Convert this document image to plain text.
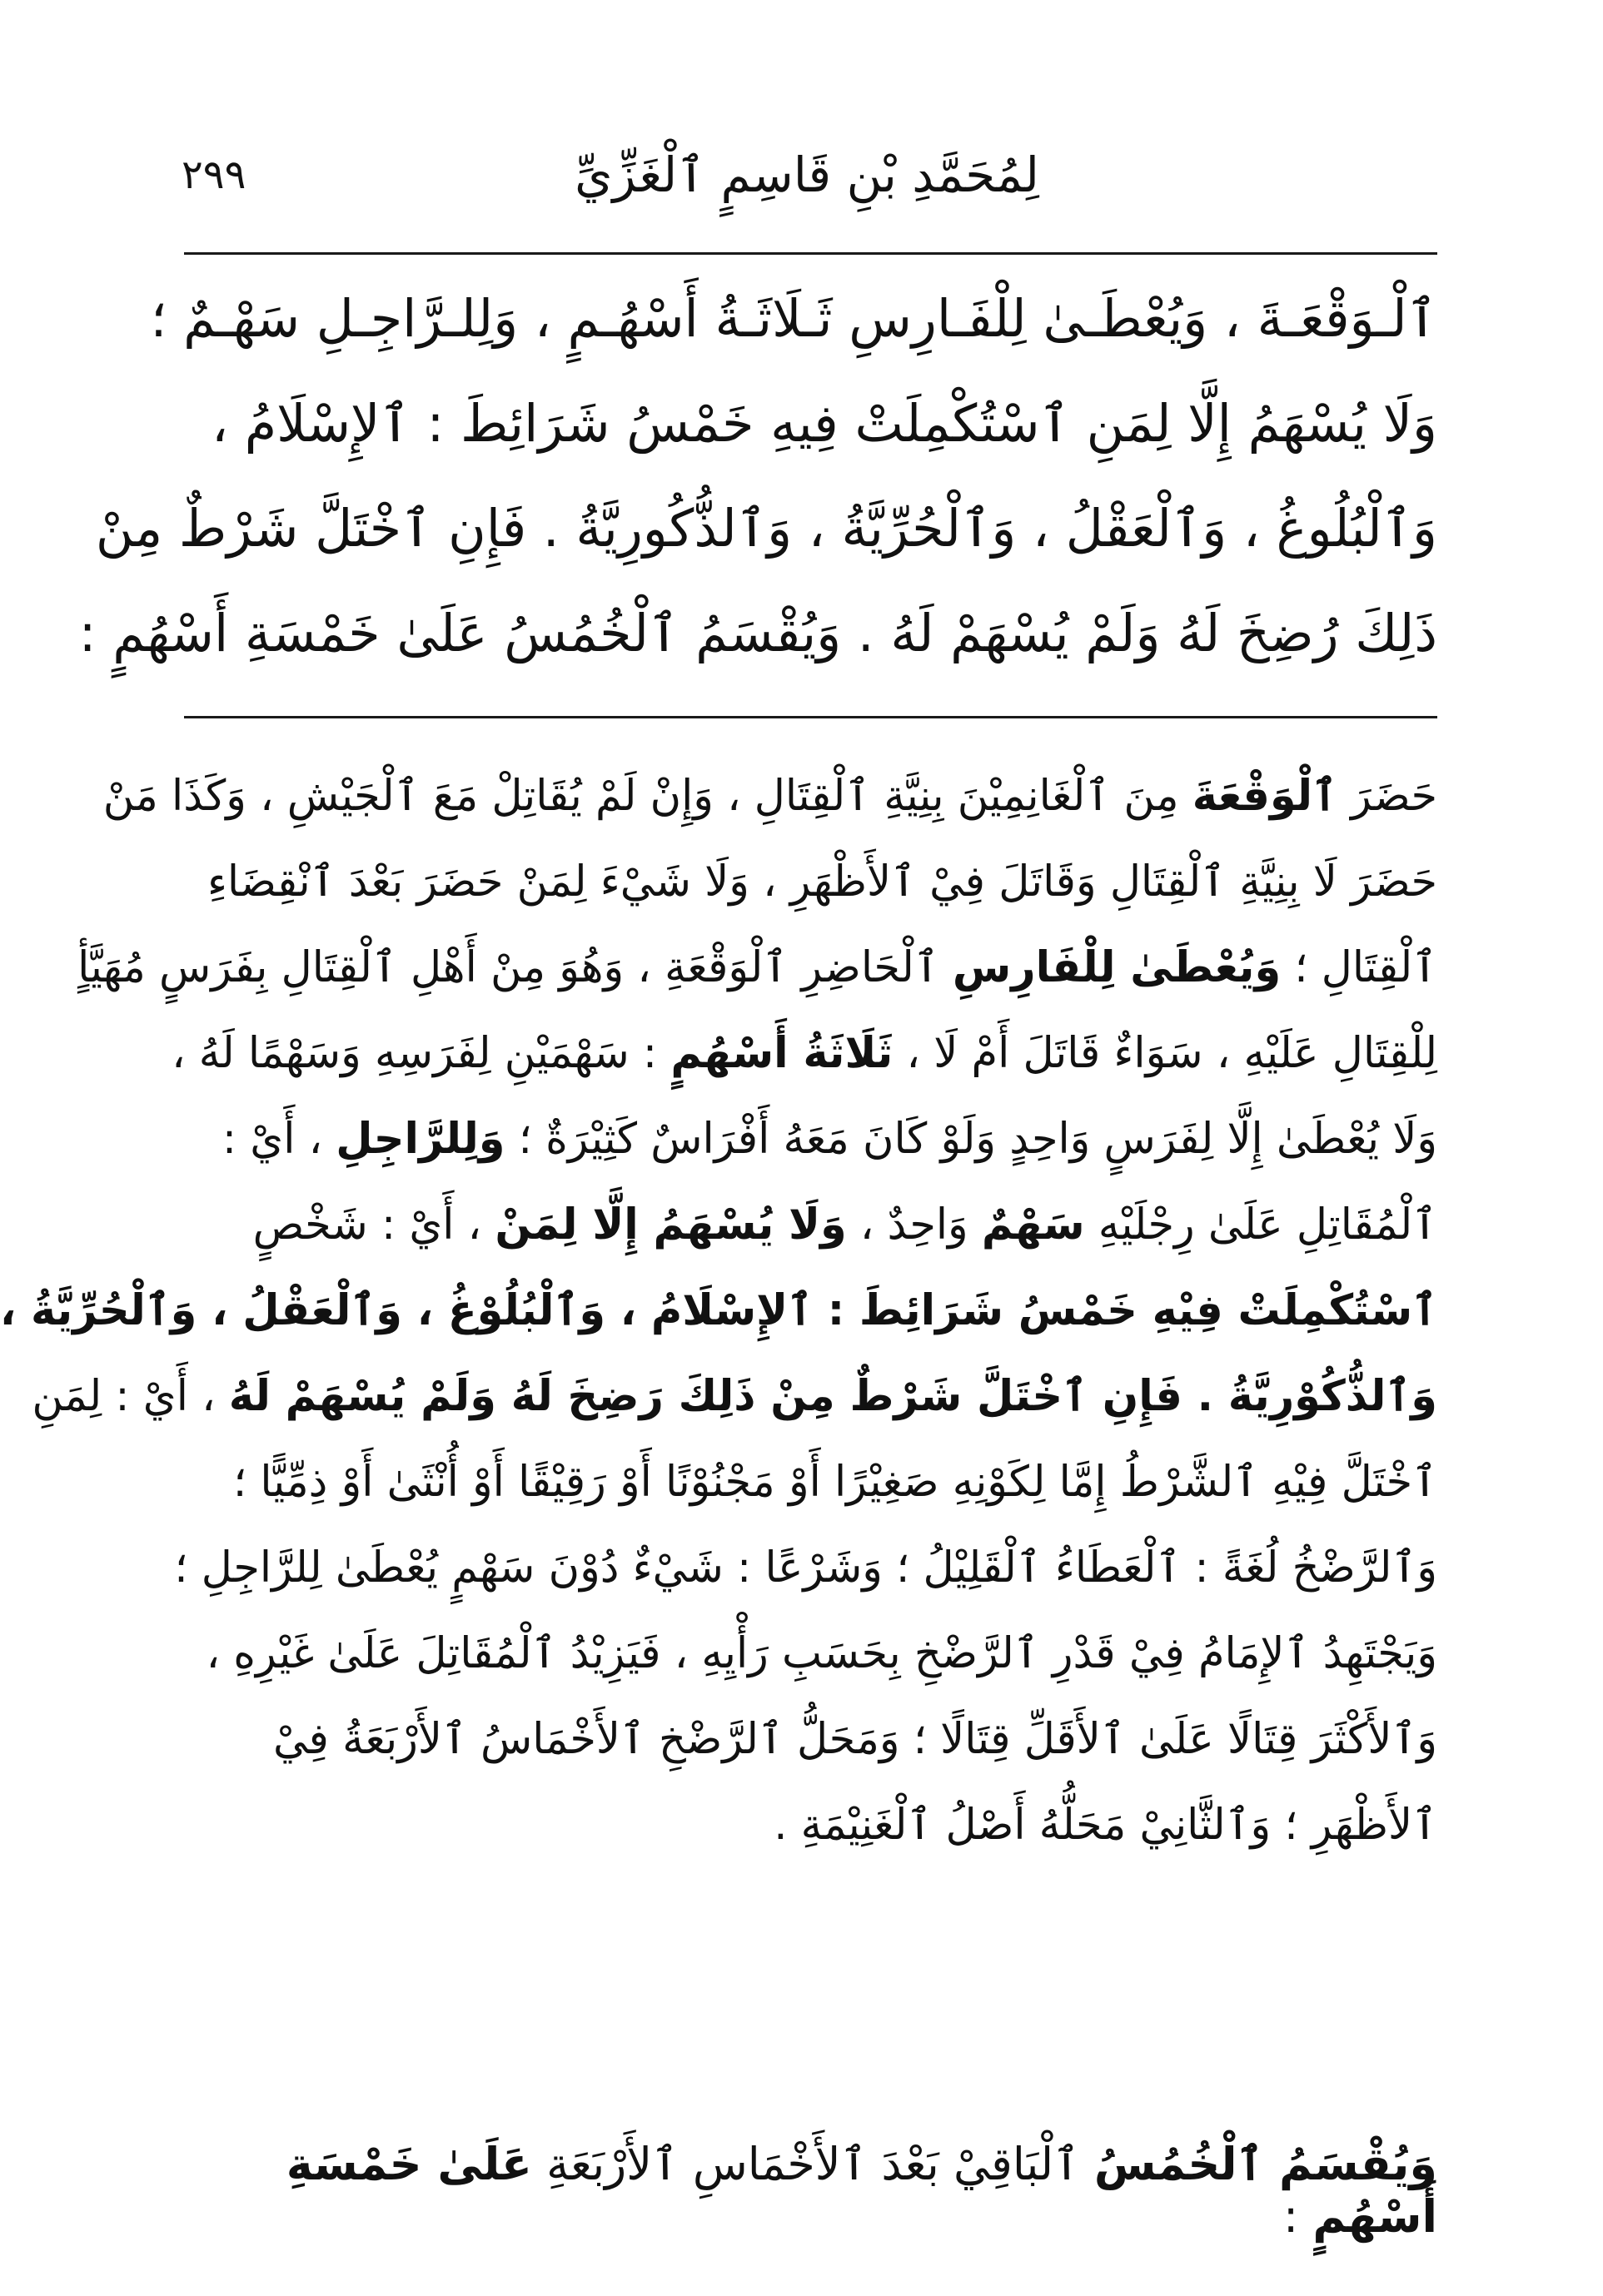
٢٩٩	لِمُحَمَّدِ بْنِ قَاسِمٍ ٱلْغَزِّيِّ
ٱلْـوَقْعَـةَ ، وَيُعْطَـىٰ لِلْفَـارِسِ ثَـلَاثَـةُ أَسْهُـمٍ ، وَلِلـرَّاجِـلِ سَهْـمٌ ؛
وَلَا يُسْهَمُ إِلَّا لِمَنِ ٱسْتُكْمِلَتْ فِيهِ خَمْسُ شَرَائِطَ : ٱلإِسْلَامُ ،
وَٱلْبُلُوغُ ، وَٱلْعَقْلُ ، وَٱلْحُرِّيَّةُ ، وَٱلذُّكُورِيَّةُ . فَإِنِ ٱخْتَلَّ شَرْطٌ مِنْ
ذَلِكَ رُضِخَ لَهُ وَلَمْ يُسْهَمْ لَهُ . وَيُقْسَمُ ٱلْخُمُسُ عَلَىٰ خَمْسَةِ أَسْهُمٍ :
حَضَرَ ٱلْوَقْعَةَ مِنَ ٱلْغَانِمِيْنَ بِنِيَّةِ ٱلْقِتَالِ ، وَإِنْ لَمْ يُقَاتِلْ مَعَ ٱلْجَيْشِ ، وَكَذَا مَنْ
حَضَرَ لَا بِنِيَّةِ ٱلْقِتَالِ وَقَاتَلَ فِيْ ٱلأَظْهَرِ ، وَلَا شَيْءَ لِمَنْ حَضَرَ بَعْدَ ٱنْقِضَاءِ
ٱلْقِتَالِ ؛ وَيُعْطَىٰ لِلْفَارِسِ ٱلْحَاضِرِ ٱلْوَقْعَةِ ، وَهُوَ مِنْ أَهْلِ ٱلْقِتَالِ بِفَرَسٍ مُهَيَّأٍ
لِلْقِتَالِ عَلَيْهِ ، سَوَاءٌ قَاتَلَ أَمْ لَا ، ثَلَاثَةُ أَسْهُمٍ : سَهْمَيْنِ لِفَرَسِهِ وَسَهْمًا لَهُ ،
وَلَا يُعْطَىٰ إِلَّا لِفَرَسٍ وَاحِدٍ وَلَوْ كَانَ مَعَهُ أَفْرَاسٌ كَثِيْرَةٌ ؛ وَلِلرَّاجِلِ ، أَيْ :
ٱلْمُقَاتِلِ عَلَىٰ رِجْلَيْهِ سَهْمٌ وَاحِدٌ ، وَلَا يُسْهَمُ إِلَّا لِمَنْ ، أَيْ : شَخْصٍ
ٱسْتُكْمِلَتْ فِيْهِ خَمْسُ شَرَائِطَ : ٱلإِسْلَامُ ، وَٱلْبُلُوْغُ ، وَٱلْعَقْلُ ، وَٱلْحُرِّيَّةُ ،
وَٱلذُّكُوْرِيَّةُ . فَإِنِ ٱخْتَلَّ شَرْطٌ مِنْ ذَلِكَ رَضِخَ لَهُ وَلَمْ يُسْهَمْ لَهُ ، أَيْ : لِمَنِ
ٱخْتَلَّ فِيْهِ ٱلشَّرْطُ إِمَّا لِكَوْنِهِ صَغِيْرًا أَوْ مَجْنُوْنًا أَوْ رَقِيْقًا أَوْ أُنْثَىٰ أَوْ ذِمِّيًّا ؛
وَٱلرَّضْخُ لُغَةً : ٱلْعَطَاءُ ٱلْقَلِيْلُ ؛ وَشَرْعًا : شَيْءٌ دُوْنَ سَهْمٍ يُعْطَىٰ لِلرَّاجِلِ ؛
وَيَجْتَهِدُ ٱلإِمَامُ فِيْ قَدْرِ ٱلرَّضْخِ بِحَسَبِ رَأْيِهِ ، فَيَزِيْدُ ٱلْمُقَاتِلَ عَلَىٰ غَيْرِهِ ،
وَٱلأَكْثَرَ قِتَالًا عَلَىٰ ٱلأَقَلِّ قِتَالًا ؛ وَمَحَلُّ ٱلرَّضْخِ ٱلأَخْمَاسُ ٱلأَرْبَعَةُ فِيْ
ٱلأَظْهَرِ ؛ وَٱلثَّانِيْ مَحَلُّهُ أَصْلُ ٱلْغَنِيْمَةِ .
وَيُقْسَمُ ٱلْخُمُسُ ٱلْبَاقِيْ بَعْدَ ٱلأَخْمَاسِ ٱلأَرْبَعَةِ عَلَىٰ خَمْسَةِ أَسْهُمٍ :
